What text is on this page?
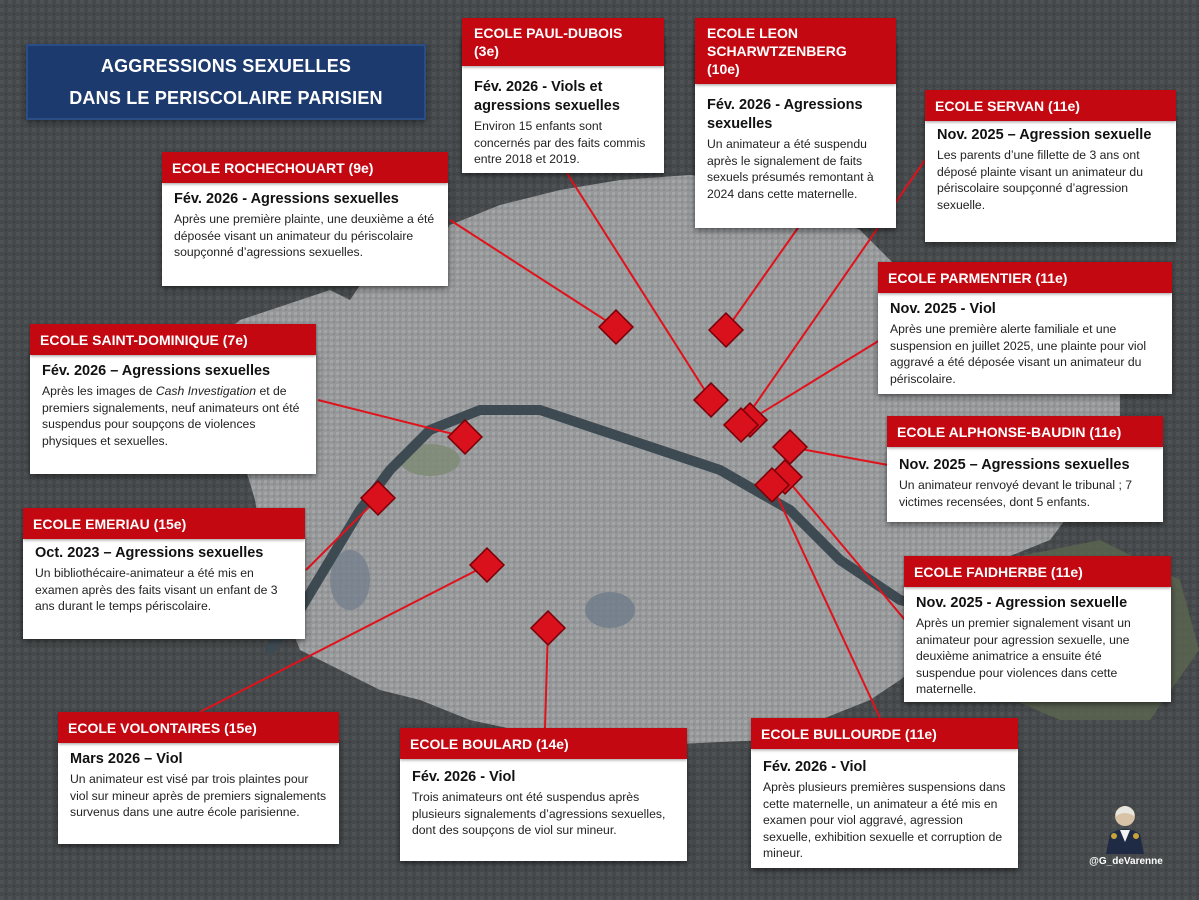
AGGRESSIONS SEXUELLES
DANS LE PERISCOLAIRE PARISIEN
ECOLE PAUL-DUBOIS
(3e)
Fév. 2026 - Viols et agressions sexuelles
Environ 15 enfants sont concernés par des faits commis entre 2018 et 2019.
ECOLE LEON SCHARWTZENBERG
(10e)
Fév. 2026 - Agressions sexuelles
Un animateur a été suspendu après le signalement de faits sexuels présumés remontant à 2024 dans cette maternelle.
ECOLE SERVAN (11e)
Nov. 2025 – Agression sexuelle
Les parents d’une fillette de 3 ans ont déposé plainte visant un animateur du périscolaire soupçonné d’agression sexuelle.
ECOLE ROCHECHOUART (9e)
Fév. 2026 - Agressions sexuelles
Après une première plainte, une deuxième a été déposée visant un animateur du périscolaire soupçonné d’agressions sexuelles.
ECOLE PARMENTIER (11e)
Nov. 2025 - Viol
Après une première alerte familiale et une suspension en juillet 2025, une plainte pour viol aggravé a été déposée visant un animateur du périscolaire.
ECOLE SAINT-DOMINIQUE (7e)
Fév. 2026 – Agressions sexuelles
Après les images de Cash Investigation et de premiers signalements, neuf animateurs ont été suspendus pour soupçons de violences physiques et sexuelles.
ECOLE ALPHONSE-BAUDIN (11e)
Nov. 2025 – Agressions sexuelles
Un animateur renvoyé devant le tribunal ; 7 victimes recensées, dont 5 enfants.
ECOLE EMERIAU (15e)
Oct. 2023 – Agressions sexuelles
Un bibliothécaire-animateur a été mis en examen après des faits visant un enfant de 3 ans durant le temps périscolaire.
ECOLE FAIDHERBE (11e)
Nov. 2025 - Agression sexuelle
Après un premier signalement visant un animateur pour agression sexuelle, une deuxième animatrice a ensuite été suspendue pour violences dans cette maternelle.
ECOLE VOLONTAIRES (15e)
Mars 2026 – Viol
Un animateur est visé par trois plaintes pour viol sur mineur après de premiers signalements survenus dans une autre école parisienne.
ECOLE BOULARD (14e)
Fév. 2026 - Viol
Trois animateurs ont été suspendus après plusieurs signalements d’agressions sexuelles, dont des soupçons de viol sur mineur.
ECOLE BULLOURDE (11e)
Fév. 2026 - Viol
Après plusieurs premières suspensions dans cette maternelle, un animateur a été mis en examen pour viol aggravé, agression sexuelle, exhibition sexuelle et corruption de mineur.
@G_deVarenne
